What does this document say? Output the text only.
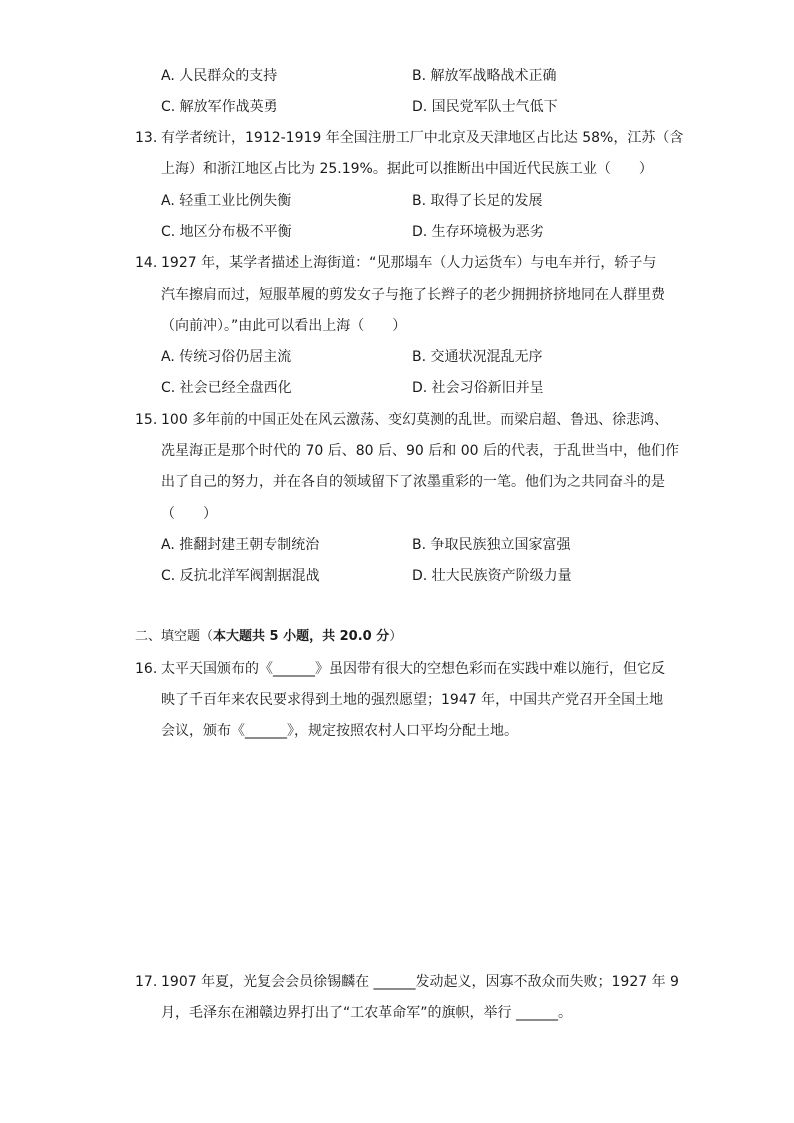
A. 人民群众的支持	B. 解放军战略战术正确
C. 解放军作战英勇	D. 国民党军队士气低下
13. 有学者统计，1912-1919 年全国注册工厂中北京及天津地区占比达 58%，江苏（含
上海）和浙江地区占比为 25.19%。据此可以推断出中国近代民族工业（　　）
A. 轻重工业比例失衡	B. 取得了长足的发展
C. 地区分布极不平衡	D. 生存环境极为恶劣
14. 1927 年，某学者描述上海街道：“见那塌车（人力运货车）与电车并行，轿子与
汽车擦肩而过，短服革履的剪发女子与拖了长辫子的老少拥拥挤挤地同在人群里费
（向前冲）。”由此可以看出上海（　　）
A. 传统习俗仍居主流	B. 交通状况混乱无序
C. 社会已经全盘西化	D. 社会习俗新旧并呈
15. 100 多年前的中国正处在风云激荡、变幻莫测的乱世。而梁启超、鲁迅、徐悲鸿、
冼星海正是那个时代的 70 后、80 后、90 后和 00 后的代表，于乱世当中，他们作
出了自己的努力，并在各自的领域留下了浓墨重彩的一笔。他们为之共同奋斗的是
（　　）
A. 推翻封建王朝专制统治	B. 争取民族独立国家富强
C. 反抗北洋军阀割据混战	D. 壮大民族资产阶级力量
二、填空题（本大题共 5 小题，共 20.0 分）
16. 太平天国颁布的《______》虽因带有很大的空想色彩而在实践中难以施行，但它反
映了千百年来农民要求得到土地的强烈愿望；1947 年，中国共产党召开全国土地
会议，颁布《______》，规定按照农村人口平均分配土地。
17. 1907 年夏，光复会会员徐锡麟在 ______发动起义，因寡不敌众而失败；1927 年 9
月，毛泽东在湘赣边界打出了“工农革命军”的旗帜，举行 ______。
